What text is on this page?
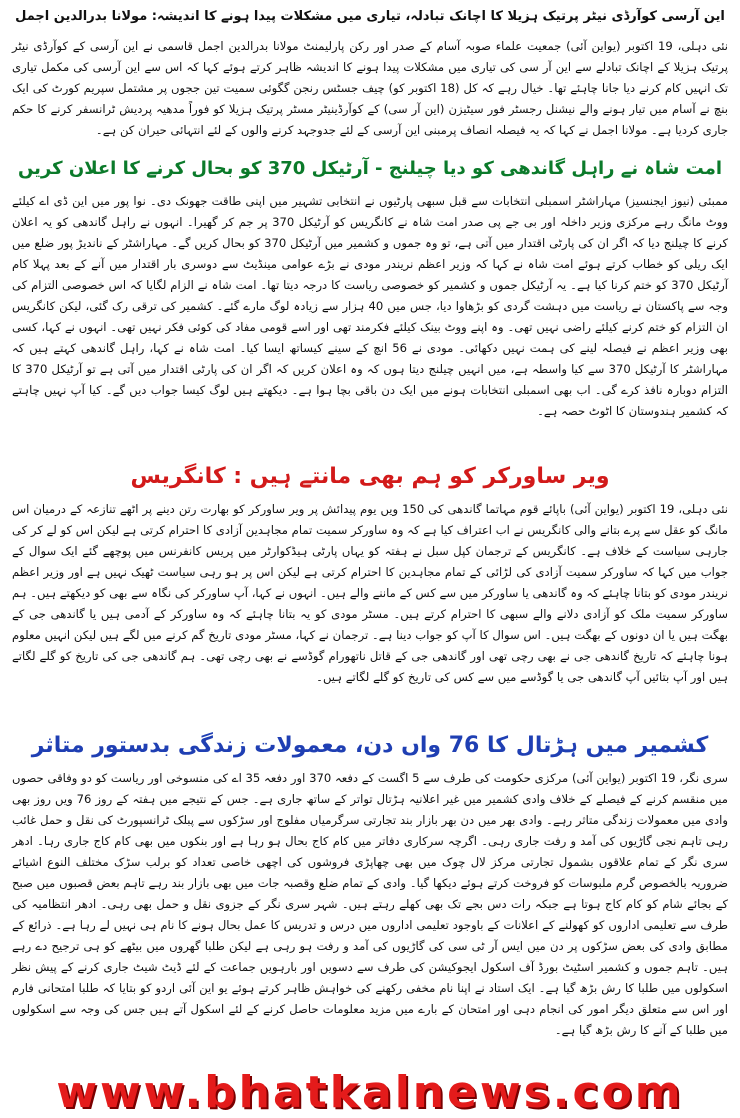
این آرسی کوآرڈی نیٹر پرتیک ہزیلا کا اچانک تبادلہ، تیاری میں مشکلات پیدا ہونے کا اندیشہ: مولانا بدرالدین اجمل

نئی دہلی، 19 اکتوبر (یواین آئی) جمعیت علماء صوبہ آسام کے صدر اور رکن پارلیمنٹ مولانا بدرالدین اجمل قاسمی نے این آرسی کے کوآرڈی نیٹر پرتیک ہزیلا کے اچانک تبادلے سے این آر سی کی تیاری میں مشکلات پیدا ہونے کا اندیشہ ظاہر کرتے ہوئے کہا کہ اس سے این آرسی کی مکمل تیاری تک انہیں کام کرنے دیا جانا چاہئے تھا۔ خیال رہے کہ کل (18 اکتوبر کو) چیف جسٹس رنجن گگوئی سمیت تین ججوں پر مشتمل سپریم کورٹ کی ایک بنچ نے آسام میں تیار ہونے والے نیشنل رجسٹر فور سیٹیزن (این آر سی) کے کوآرڈینیٹر مسٹر پرتیک ہزیلا کو فوراً مدھیہ پردیش ٹرانسفر کرنے کا حکم جاری کردیا ہے۔ مولانا اجمل نے کہا کہ یہ فیصلہ انصاف پرمبنی این آرسی کے لئے جدوجہد کرنے والوں کے لئے انتہائی حیران کن ہے۔

امت شاہ نے راہل گاندھی کو دیا چیلنج - آرٹیکل 370 کو بحال کرنے کا اعلان کریں

ممبئی (نیوز ایجنسیز) مہاراشٹر اسمبلی انتخابات سے قبل سبھی پارٹیوں نے انتخابی تشہیر میں اپنی طاقت جھونک دی۔ نوا پور میں این ڈی اے کیلئے ووٹ مانگ رہے مرکزی وزیر داخلہ اور بی جے پی صدر امت شاہ نے کانگریس کو آرٹیکل 370 پر جم کر گھیرا۔ انہوں نے راہل گاندھی کو یہ اعلان کرنے کا چیلنج دیا کہ اگر ان کی پارٹی اقتدار میں آتی ہے، تو وہ جموں و کشمیر میں آرٹیکل 370 کو بحال کریں گے۔ مہاراشٹر کے ناندیڑ پور ضلع میں ایک ریلی کو خطاب کرتے ہوئے امت شاہ نے کہا کہ وزیر اعظم نریندر مودی نے بڑے عوامی مینڈیٹ سے دوسری بار اقتدار میں آنے کے بعد پہلا کام آرٹیکل 370 کو ختم کرنا کیا ہے۔ یہ آرٹیکل جموں و کشمیر کو خصوصی ریاست کا درجہ دیتا تھا۔ امت شاہ نے الزام لگایا کہ اس خصوصی التزام کی وجہ سے پاکستان نے ریاست میں دہشت گردی کو بڑھاوا دیا، جس میں 40 ہزار سے زیادہ لوگ مارے گئے۔ کشمیر کی ترقی رک گئی، لیکن کانگریس ان التزام کو ختم کرنے کیلئے راضی نہیں تھی۔ وہ اپنے ووٹ بینک کیلئے فکرمند تھی اور اسے قومی مفاد کی کوئی فکر نہیں تھی۔ انہوں نے کہا، کسی بھی وزیر اعظم نے فیصلہ لینے کی ہمت نہیں دکھائی۔ مودی نے 56 انچ کے سینے کیساتھ ایسا کیا۔ امت شاہ نے کہا، راہل گاندھی کہتے ہیں کہ مہاراشٹر کا آرٹیکل 370 سے کیا واسطہ ہے، میں انہیں چیلنج دیتا ہوں کہ وہ اعلان کریں کہ اگر ان کی پارٹی اقتدار میں آتی ہے تو آرٹیکل 370 کا التزام دوبارہ نافذ کرے گی۔ اب بھی اسمبلی انتخابات ہونے میں ایک دن باقی بچا ہوا ہے۔ دیکھتے ہیں لوگ کیسا جواب دیں گے۔ کیا آپ نہیں چاہتے کہ کشمیر ہندوستان کا اٹوٹ حصہ ہے۔

ویر ساورکر کو ہم بھی مانتے ہیں : کانگریس

نئی دہلی، 19 اکتوبر (یواین آئی) باپائے قوم مہاتما گاندھی کی 150 ویں یوم پیدائش پر ویر ساورکر کو بھارت رتن دینے پر اٹھے تنازعہ کے درمیان اس مانگ کو عقل سے پرے بتانے والی کانگریس نے اب اعتراف کیا ہے کہ وہ ساورکر سمیت تمام مجاہدین آزادی کا احترام کرتی ہے لیکن اس کو لے کر کی جارہی سیاست کے خلاف ہے۔ کانگریس کے ترجمان کپل سبل نے ہفتہ کو یہاں پارٹی ہیڈکوارٹر میں پریس کانفرنس میں پوچھے گئے ایک سوال کے جواب میں کہا کہ ساورکر سمیت آزادی کی لڑائی کے تمام مجاہدین کا احترام کرتی ہے لیکن اس پر ہو رہی سیاست ٹھیک نہیں ہے اور وزیر اعظم نریندر مودی کو بتانا چاہئے کہ وہ گاندھی یا ساورکر میں سے کس کے ماننے والے ہیں۔ انہوں نے کہا، آپ ساورکر کی نگاہ سے بھی کو دیکھتے ہیں۔ ہم ساورکر سمیت ملک کو آزادی دلانے والے سبھی کا احترام کرتے ہیں۔ مسٹر مودی کو یہ بتانا چاہئے کہ وہ ساورکر کے آدمی ہیں یا گاندھی جی کے بھگت ہیں یا ان دونوں کے بھگت ہیں۔ اس سوال کا آپ کو جواب دینا ہے۔ ترجمان نے کہا، مسٹر مودی تاریخ گم کرنے میں لگے ہیں لیکن انہیں معلوم ہونا چاہئے کہ تاریخ گاندھی جی نے بھی رچی تھی اور گاندھی جی کے قاتل ناتھورام گوڈسے نے بھی رچی تھی۔ ہم گاندھی جی کی تاریخ کو گلے لگاتے ہیں اور آپ بتائیں آپ گاندھی جی یا گوڈسے میں سے کس کی تاریخ کو گلے لگاتے ہیں۔

کشمیر میں ہڑتال کا 76 واں دن، معمولات زندگی بدستور متاثر

سری نگر، 19 اکتوبر (یواین آئی) مرکزی حکومت کی طرف سے 5 اگست کے دفعہ 370 اور دفعہ 35 اے کی منسوخی اور ریاست کو دو وفاقی حصوں میں منقسم کرنے کے فیصلے کے خلاف وادی کشمیر میں غیر اعلانیہ ہڑتال تواتر کے ساتھ جاری ہے۔ جس کے نتیجے میں ہفتہ کے روز 76 ویں روز بھی وادی میں معمولات زندگی متاثر رہے۔ وادی بھر میں دن بھر بازار بند تجارتی سرگرمیاں مفلوج اور سڑکوں سے پبلک ٹرانسپورٹ کی نقل و حمل غائب رہی تاہم نجی گاڑیوں کی آمد و رفت جاری رہی۔ اگرچہ سرکاری دفاتر میں کام کاج بحال ہو رہا ہے اور بنکوں میں بھی کام کاج جاری رہا۔ ادھر سری نگر کے تمام علاقوں بشمول تجارتی مرکز لال چوک میں بھی چھاپڑی فروشوں کی اچھی خاصی تعداد کو برلب سڑک مختلف النوع اشیائے ضروریہ بالخصوص گرم ملبوسات کو فروخت کرتے ہوئے دیکھا گیا۔ وادی کے تمام ضلع وقصبہ جات میں بھی بازار بند رہے تاہم بعض قصبوں میں صبح کے بجائے شام کو کام کاج ہوتا ہے جبکہ رات دس بجے تک بھی کھلے رہتے ہیں۔ شہر سری نگر کے جزوی نقل و حمل بھی رہی۔ ادھر انتظامیہ کی طرف سے تعلیمی اداروں کو کھولنے کے اعلانات کے باوجود تعلیمی اداروں میں درس و تدریس کا عمل بحال ہونے کا نام ہی نہیں لے رہا ہے۔ ذرائع کے مطابق وادی کی بعض سڑکوں پر دن میں ایس آر ٹی سی کی گاڑیوں کی آمد و رفت ہو رہی ہے لیکن طلبا گھروں میں بیٹھے کو ہی ترجیح دے رہے ہیں۔ تاہم جموں و کشمیر اسٹیٹ بورڈ آف اسکول ایجوکیشن کی طرف سے دسویں اور بارہویں جماعت کے لئے ڈیٹ شیٹ جاری کرنے کے پیش نظر اسکولوں میں طلبا کا رش بڑھ گیا ہے۔ ایک استاد نے اپنا نام مخفی رکھنے کی خواہش ظاہر کرتے ہوئے یو این آئی اردو کو بتایا کہ طلبا امتحانی فارم اور اس سے متعلق دیگر امور کی انجام دہی اور امتحان کے بارے میں مزید معلومات حاصل کرنے کے لئے اسکول آتے ہیں جس کی وجہ سے اسکولوں میں طلبا کے آنے کا رش بڑھ گیا ہے۔

www.bhatkalnews.com
